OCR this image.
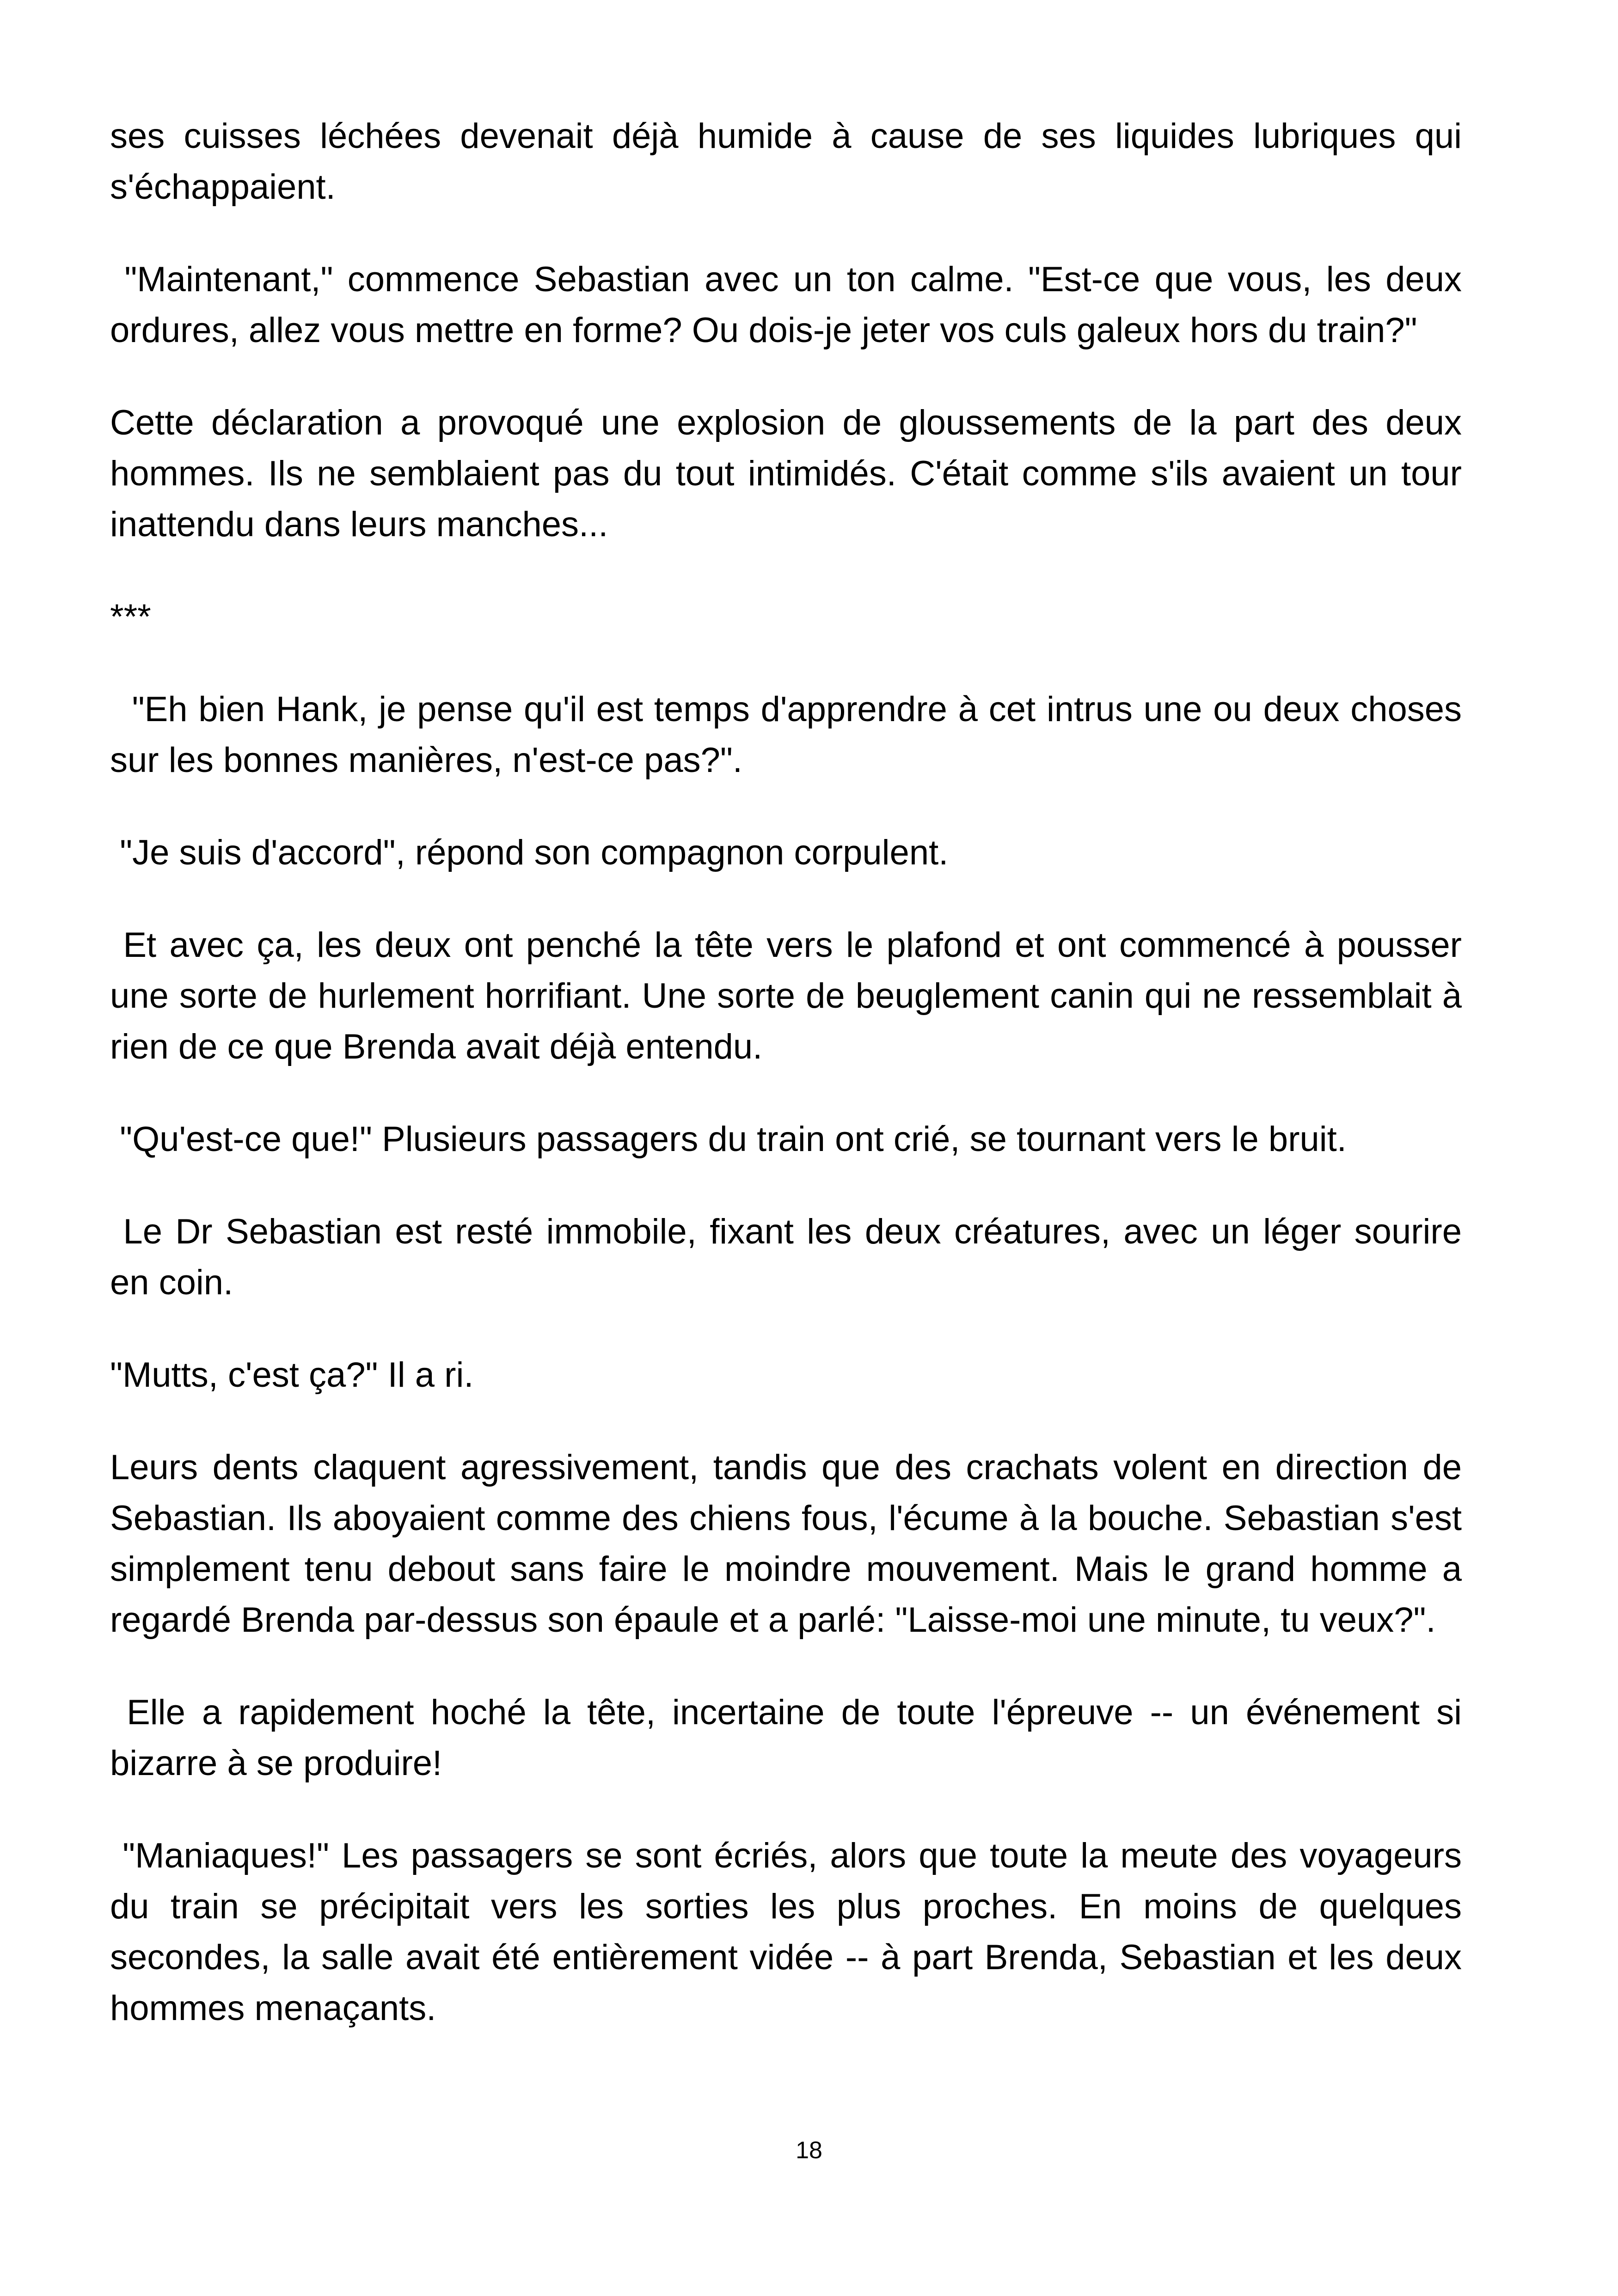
ses cuisses léchées devenait déjà humide à cause de ses liquides lubriques qui s'échappaient.

"Maintenant," commence Sebastian avec un ton calme. "Est-ce que vous, les deux ordures, allez vous mettre en forme? Ou dois-je jeter vos culs galeux hors du train?"

Cette déclaration a provoqué une explosion de gloussements de la part des deux hommes. Ils ne semblaient pas du tout intimidés. C'était comme s'ils avaient un tour inattendu dans leurs manches...

***

"Eh bien Hank, je pense qu'il est temps d'apprendre à cet intrus une ou deux choses sur les bonnes manières, n'est-ce pas?".

"Je suis d'accord", répond son compagnon corpulent.

Et avec ça, les deux ont penché la tête vers le plafond et ont commencé à pousser une sorte de hurlement horrifiant. Une sorte de beuglement canin qui ne ressemblait à rien de ce que Brenda avait déjà entendu.

"Qu'est-ce que!" Plusieurs passagers du train ont crié, se tournant vers le bruit.

Le Dr Sebastian est resté immobile, fixant les deux créatures, avec un léger sourire en coin.

"Mutts, c'est ça?" Il a ri.

Leurs dents claquent agressivement, tandis que des crachats volent en direction de Sebastian. Ils aboyaient comme des chiens fous, l'écume à la bouche. Sebastian s'est simplement tenu debout sans faire le moindre mouvement. Mais le grand homme a regardé Brenda par-dessus son épaule et a parlé: "Laisse-moi une minute, tu veux?".

Elle a rapidement hoché la tête, incertaine de toute l'épreuve -- un événement si bizarre à se produire!

"Maniaques!" Les passagers se sont écriés, alors que toute la meute des voyageurs du train se précipitait vers les sorties les plus proches. En moins de quelques secondes, la salle avait été entièrement vidée -- à part Brenda, Sebastian et les deux hommes menaçants.

18
